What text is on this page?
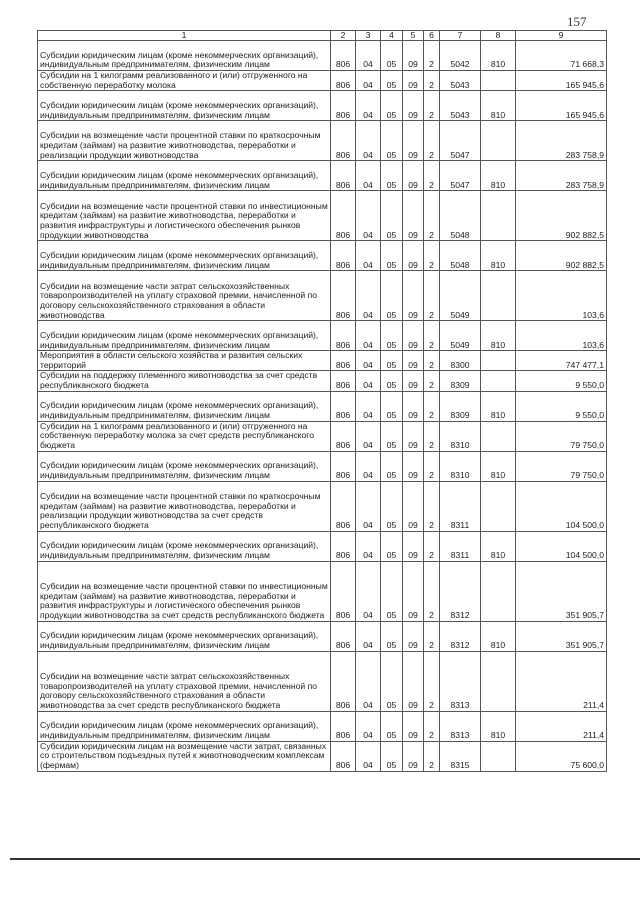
157
1	2	3	4	5	6	7	8	9
Субсидии юридическим лицам (кроме некоммерческих организаций), индивидуальным предпринимателям, физическим лицам	806	04	05	09	2	5042	810	71 668,3
Субсидии на 1 килограмм реализованного и (или) отгруженного на собственную переработку молока	806	04	05	09	2	5043		165 945,6
Субсидии юридическим лицам (кроме некоммерческих организаций), индивидуальным предпринимателям, физическим лицам	806	04	05	09	2	5043	810	165 945,6
Субсидии на возмещение части процентной ставки по краткосрочным кредитам (займам) на развитие животноводства, переработки и реализации продукции животноводства	806	04	05	09	2	5047		283 758,9
Субсидии юридическим лицам (кроме некоммерческих организаций), индивидуальным предпринимателям, физическим лицам	806	04	05	09	2	5047	810	283 758,9
Субсидии на возмещение части процентной ставки по инвестиционным кредитам (займам) на развитие животноводства, переработки и развития инфраструктуры и логистического обеспечения рынков продукции животноводства	806	04	05	09	2	5048		902 882,5
Субсидии юридическим лицам (кроме некоммерческих организаций), индивидуальным предпринимателям, физическим лицам	806	04	05	09	2	5048	810	902 882,5
Субсидии на возмещение части затрат сельскохозяйственных товаропроизводителей на уплату страховой премии, начисленной по договору сельскохозяйственного страхования в области животноводства	806	04	05	09	2	5049		103,6
Субсидии юридическим лицам (кроме некоммерческих организаций), индивидуальным предпринимателям, физическим лицам	806	04	05	09	2	5049	810	103,6
Мероприятия в области сельского хозяйства и развития сельских территорий	806	04	05	09	2	8300		747 477,1
Субсидии на поддержку племенного животноводства за счет средств республиканского бюджета	806	04	05	09	2	8309		9 550,0
Субсидии юридическим лицам (кроме некоммерческих организаций), индивидуальным предпринимателям, физическим лицам	806	04	05	09	2	8309	810	9 550,0
Субсидии на 1 килограмм реализованного и (или) отгруженного на собственную переработку молока за счет средств республиканского бюджета	806	04	05	09	2	8310		79 750,0
Субсидии юридическим лицам (кроме некоммерческих организаций), индивидуальным предпринимателям, физическим лицам	806	04	05	09	2	8310	810	79 750,0
Субсидии на возмещение части процентной ставки по краткосрочным кредитам (займам) на развитие животноводства, переработки и реализации продукции животноводства за счет средств республиканского бюджета	806	04	05	09	2	8311		104 500,0
Субсидии юридическим лицам (кроме некоммерческих организаций), индивидуальным предпринимателям, физическим лицам	806	04	05	09	2	8311	810	104 500,0
Субсидии на возмещение части процентной ставки по инвестиционным кредитам (займам) на развитие животноводства, переработки и развития инфраструктуры и логистического обеспечения рынков продукции животноводства за счет средств республиканского бюджета	806	04	05	09	2	8312		351 905,7
Субсидии юридическим лицам (кроме некоммерческих организаций), индивидуальным предпринимателям, физическим лицам	806	04	05	09	2	8312	810	351 905,7
Субсидии на возмещение части затрат сельскохозяйственных товаропроизводителей на уплату страховой премии, начисленной по договору сельскохозяйственного страхования в области животноводства за счет средств республиканского бюджета	806	04	05	09	2	8313		211,4
Субсидии юридическим лицам (кроме некоммерческих организаций), индивидуальным предпринимателям, физическим лицам	806	04	05	09	2	8313	810	211,4
Субсидии юридическим лицам на возмещение части затрат, связанных со строительством подъездных путей к животноводческим комплексам (фермам)	806	04	05	09	2	8315		75 600,0
